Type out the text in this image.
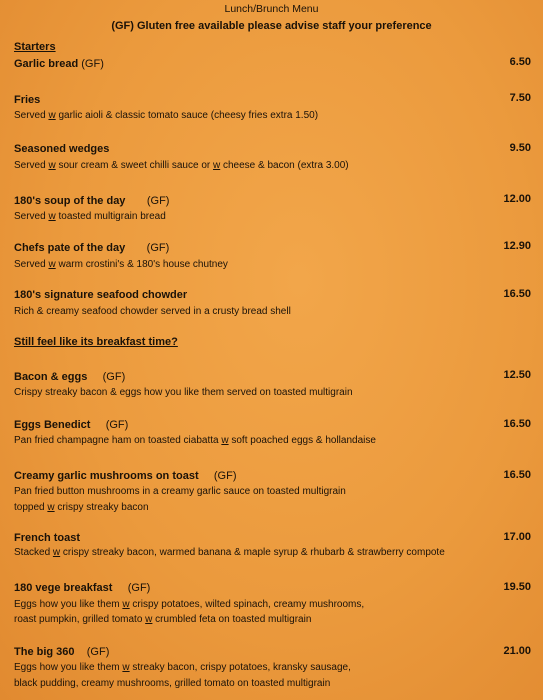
Lunch/Brunch Menu
(GF) Gluten free available please advise staff your preference
Starters
Garlic bread (GF)	6.50
Fries	7.50
Served w garlic aioli & classic tomato sauce (cheesy fries extra 1.50)
Seasoned wedges	9.50
Served w sour cream & sweet chilli sauce or w cheese & bacon (extra 3.00)
180's soup of the day (GF)	12.00
Served w toasted multigrain bread
Chefs pate of the day (GF)	12.90
Served w warm crostini's & 180's house chutney
180's signature seafood chowder	16.50
Rich & creamy seafood chowder served in a crusty bread shell
Still feel like its breakfast time?
Bacon & eggs (GF)	12.50
Crispy streaky bacon & eggs how you like them served on toasted multigrain
Eggs Benedict (GF)	16.50
Pan fried champagne ham on toasted ciabatta w soft poached eggs & hollandaise
Creamy garlic mushrooms on toast (GF)	16.50
Pan fried button mushrooms in a creamy garlic sauce on toasted multigrain
topped w crispy streaky bacon
French toast	17.00
Stacked w crispy streaky bacon, warmed banana & maple syrup & rhubarb & strawberry compote
180 vege breakfast (GF)	19.50
Eggs how you like them w crispy potatoes, wilted spinach, creamy mushrooms,
roast pumpkin, grilled tomato w crumbled feta on toasted multigrain
The big 360 (GF)	21.00
Eggs how you like them w streaky bacon, crispy potatoes, kransky sausage,
black pudding, creamy mushrooms, grilled tomato on toasted multigrain
